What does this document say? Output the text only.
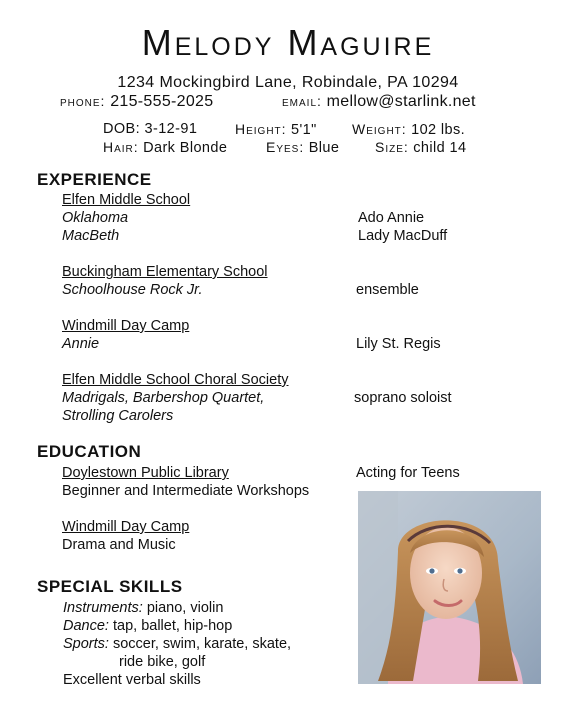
Melody Maguire
1234 Mockingbird Lane, Robindale, PA 10294
phone: 215-555-2025	email: mellow@starlink.net
DOB: 3-12-91	Height: 5'1"	Weight: 102 lbs.
Hair: Dark Blonde	Eyes: Blue	Size: child 14
EXPERIENCE
Elfen Middle School
Oklahoma	Ado Annie
MacBeth	Lady MacDuff
Buckingham Elementary School
Schoolhouse Rock Jr.	ensemble
Windmill Day Camp
Annie	Lily St. Regis
Elfen Middle School Choral Society
Madrigals, Barbershop Quartet,	soprano soloist
Strolling Carolers
EDUCATION
Doylestown Public Library	Acting for Teens
Beginner and Intermediate Workshops
Windmill Day Camp
Drama and Music
SPECIAL SKILLS
Instruments: piano, violin
Dance: tap, ballet, hip-hop
Sports: soccer, swim, karate, skate,
ride bike, golf
Excellent verbal skills
